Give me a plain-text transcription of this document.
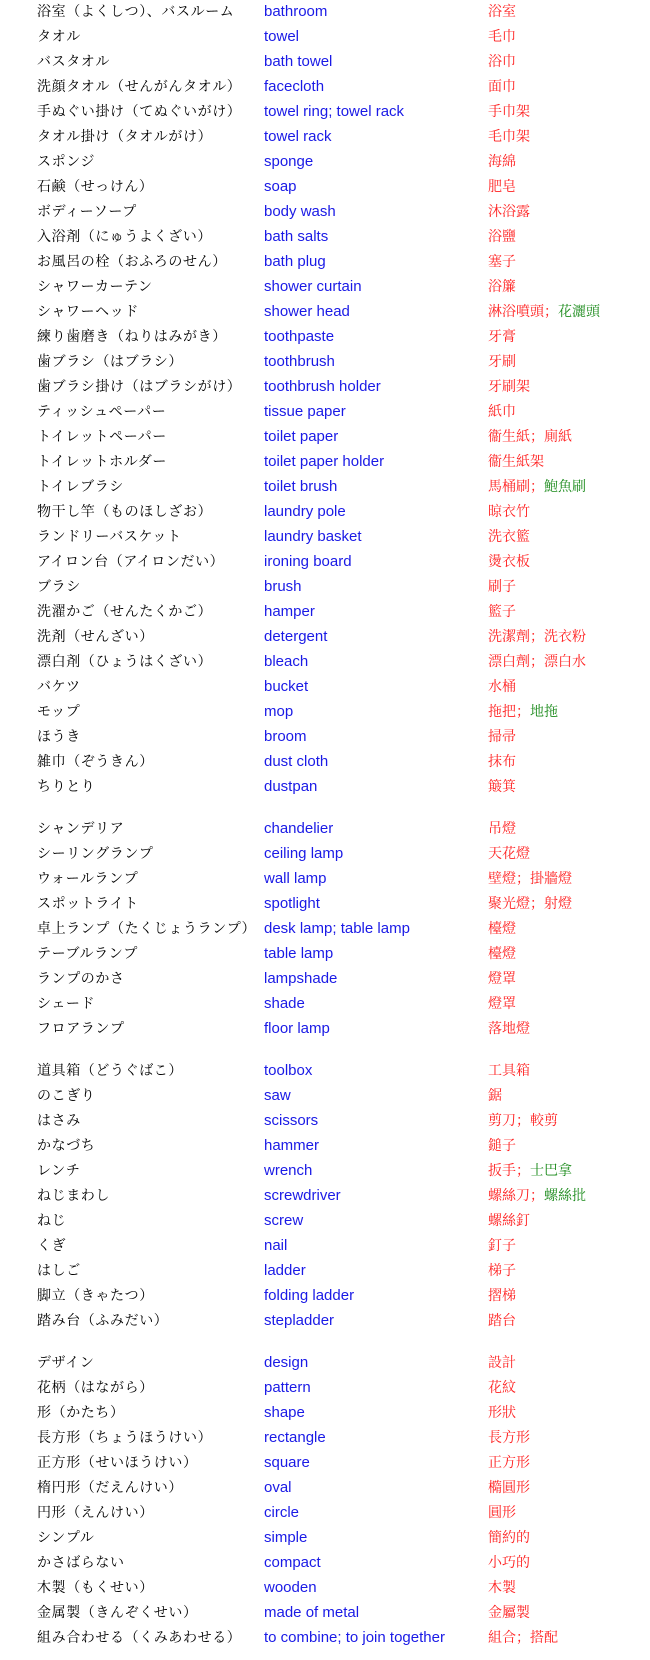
浴室（よくしつ）、バスルーム bathroom	浴室
タオル	towel	毛巾
バスタオル	bath towel	浴巾
洗顔タオル（せんがんタオル） facecloth	面巾
手ぬぐい掛け（てぬぐいがけ） towel ring; towel rack	手巾架
タオル掛け（タオルがけ）	towel rack	毛巾架
スポンジ	sponge	海綿
石鹸（せっけん）	soap	肥皂
ボディーソープ	body wash	沐浴露
入浴剤（にゅうよくざい）	bath salts	浴鹽
お風呂の栓（おふろのせん） bath plug	塞子
シャワーカーテン	shower curtain	浴簾
シャワーヘッド	shower head	淋浴噴頭；花灑頭
練り歯磨き（ねりはみがき） toothpaste	牙膏
歯ブラシ（はブラシ）	toothbrush	牙刷
歯ブラシ掛け（はブラシがけ） toothbrush holder	牙刷架
ティッシュペーパー	tissue paper	紙巾
トイレットペーパー	toilet paper	衞生紙；廁紙
トイレットホルダー	toilet paper holder	衞生紙架
トイレブラシ	toilet brush	馬桶刷；鮑魚刷
物干し竿（ものほしざお）	laundry pole	晾衣竹
ランドリーバスケット	laundry basket	洗衣籃
アイロン台（アイロンだい）	ironing board	燙衣板
ブラシ	brush	刷子
洗濯かご（せんたくかご）	hamper	籃子
洗剤（せんざい）	detergent	洗潔劑；洗衣粉
漂白剤（ひょうはくざい）	bleach	漂白劑；漂白水
バケツ	bucket	水桶
モップ	mop	拖把；地拖
ほうき	broom	掃帚
雑巾（ぞうきん）	dust cloth	抹布
ちりとり	dustpan	簸箕
シャンデリア	chandelier	吊燈
シーリングランプ	ceiling lamp	天花燈
ウォールランプ	wall lamp	壁燈；掛牆燈
スポットライト	spotlight	聚光燈；射燈
卓上ランプ（たくじょうランプ） desk lamp; table lamp	檯燈
テーブルランプ	table lamp	檯燈
ランプのかさ	lampshade	燈罩
シェード	shade	燈罩
フロアランプ	floor lamp	落地燈
道具箱（どうぐばこ）	toolbox	工具箱
のこぎり	saw	鋸
はさみ	scissors	剪刀；較剪
かなづち	hammer	鎚子
レンチ	wrench	扳手；士巴拿
ねじまわし	screwdriver	螺絲刀；螺絲批
ねじ	screw	螺絲釘
くぎ	nail	釘子
はしご	ladder	梯子
脚立（きゃたつ）	folding ladder	摺梯
踏み台（ふみだい）	stepladder	踏台
デザイン	design	設計
花柄（はながら）	pattern	花紋
形（かたち）	shape	形狀
長方形（ちょうほうけい）	rectangle	長方形
正方形（せいほうけい）	square	正方形
楕円形（だえんけい）	oval	橢圓形
円形（えんけい）	circle	圓形
シンプル	simple	簡約的
かさばらない	compact	小巧的
木製（もくせい）	wooden	木製
金属製（きんぞくせい）	made of metal	金屬製
組み合わせる（くみあわせる） to combine; to join together	組合；搭配
